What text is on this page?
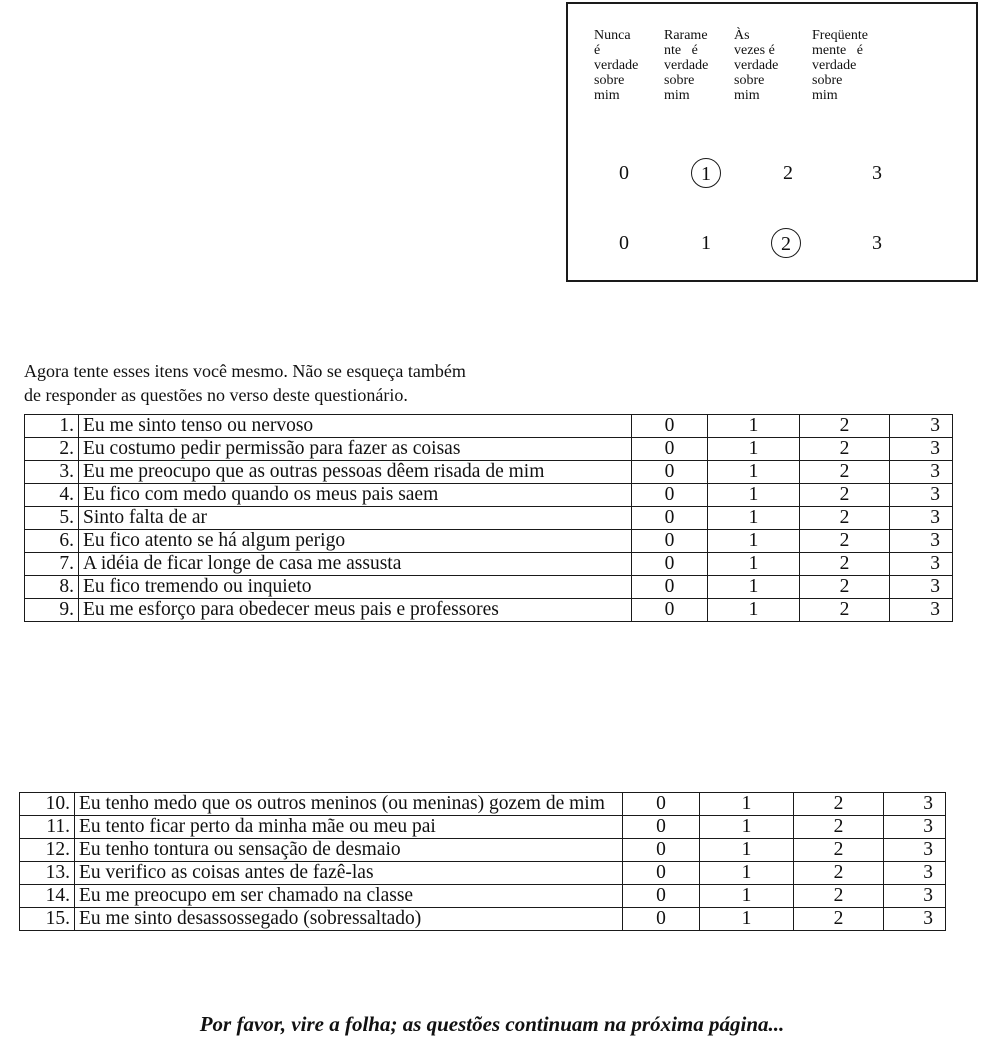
Nunca
é
verdade
sobre
mim
Rarame
nte   é
verdade
sobre
mim
Às
vezes é
verdade
sobre
mim
Freqüente
mente   é
verdade
sobre
mim
0	1	2	3
0	1	2	3
Agora tente esses itens você mesmo. Não se esqueça também
de responder as questões no verso deste questionário.
1.	Eu me sinto tenso ou nervoso	0	1	2	3
2.	Eu costumo pedir permissão para fazer as coisas	0	1	2	3
3.	Eu me preocupo que as outras pessoas dêem risada de mim	0	1	2	3
4.	Eu fico com medo quando os meus pais saem	0	1	2	3
5.	Sinto falta de ar	0	1	2	3
6.	Eu fico atento se há algum perigo	0	1	2	3
7.	A idéia de ficar longe de casa me assusta	0	1	2	3
8.	Eu fico tremendo ou inquieto	0	1	2	3
9.	Eu me esforço para obedecer meus pais e professores	0	1	2	3
10.	Eu tenho medo que os outros meninos (ou meninas) gozem de mim	0	1	2	3
11.	Eu tento ficar perto da minha mãe ou meu pai	0	1	2	3
12.	Eu tenho tontura ou sensação de desmaio	0	1	2	3
13.	Eu verifico as coisas antes de fazê-las	0	1	2	3
14.	Eu me preocupo em ser chamado na classe	0	1	2	3
15.	Eu me sinto desassossegado (sobressaltado)	0	1	2	3
Por favor, vire a folha; as questões continuam na próxima página...
